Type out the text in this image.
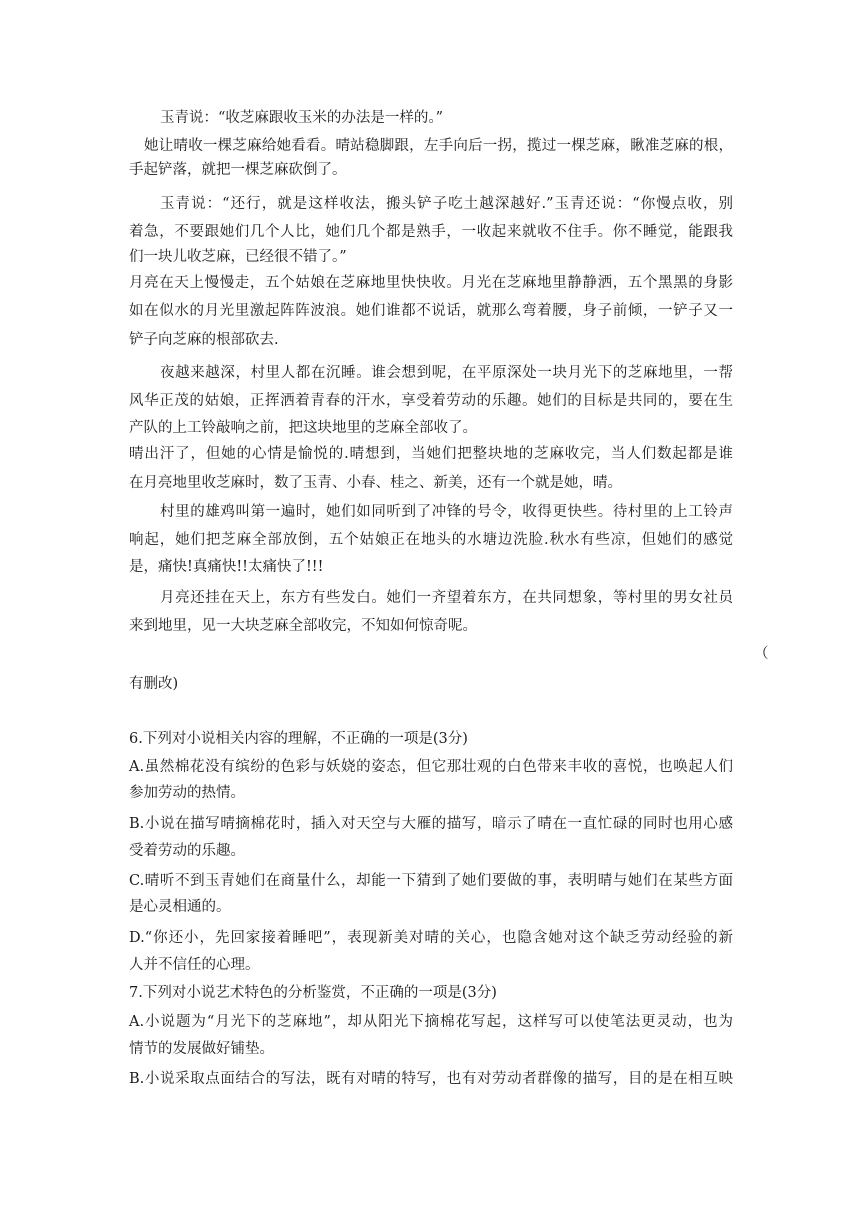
玉青说：“收芝麻跟收玉米的办法是一样的。”
她让晴收一棵芝麻给她看看。晴站稳脚跟，左手向后一拐，揽过一棵芝麻，瞅准芝麻的根，
手起铲落，就把一棵芝麻砍倒了。
玉青说：“还行，就是这样收法，搬头铲子吃土越深越好.”玉青还说：“你慢点收，别
着急，不要跟她们几个人比，她们几个都是熟手，一收起来就收不住手。你不睡觉，能跟我
们一块儿收芝麻，已经很不错了。”
月亮在天上慢慢走，五个姑娘在芝麻地里快快收。月光在芝麻地里静静洒，五个黑黑的身影
如在似水的月光里激起阵阵波浪。她们谁都不说话，就那么弯着腰，身子前倾，一铲子又一
铲子向芝麻的根部砍去.
夜越来越深，村里人都在沉睡。谁会想到呢，在平原深处一块月光下的芝麻地里，一帮
风华正茂的姑娘，正挥洒着青春的汗水，享受着劳动的乐趣。她们的目标是共同的，要在生
产队的上工铃敲响之前，把这块地里的芝麻全部收了。
晴出汗了，但她的心情是愉悦的.晴想到，当她们把整块地的芝麻收完，当人们数起都是谁
在月亮地里收芝麻时，数了玉青、小春、桂之、新美，还有一个就是她，晴。
村里的雄鸡叫第一遍时，她们如同听到了冲锋的号令，收得更快些。待村里的上工铃声
响起，她们把芝麻全部放倒，五个姑娘正在地头的水塘边洗脸.秋水有些凉，但她们的感觉
是，痛快!真痛快!!太痛快了!!!
月亮还挂在天上，东方有些发白。她们一齐望着东方，在共同想象，等村里的男女社员
来到地里，见一大块芝麻全部收完，不知如何惊奇呢。
（
有删改)
6.下列对小说相关内容的理解，不正确的一项是(3分)
A.虽然棉花没有缤纷的色彩与妖娆的姿态，但它那壮观的白色带来丰收的喜悦，也唤起人们
参加劳动的热情。
B.小说在描写晴摘棉花时，插入对天空与大雁的描写，暗示了晴在一直忙碌的同时也用心感
受着劳动的乐趣。
C.晴听不到玉青她们在商量什么，却能一下猜到了她们要做的事，表明晴与她们在某些方面
是心灵相通的。
D.“你还小，先回家接着睡吧”，表现新美对晴的关心，也隐含她对这个缺乏劳动经验的新
人并不信任的心理。
7.下列对小说艺术特色的分析鉴赏，不正确的一项是(3分)
A.小说题为“月光下的芝麻地”，却从阳光下摘棉花写起，这样写可以使笔法更灵动，也为
情节的发展做好铺垫。
B.小说采取点面结合的写法，既有对晴的特写，也有对劳动者群像的描写，目的是在相互映
